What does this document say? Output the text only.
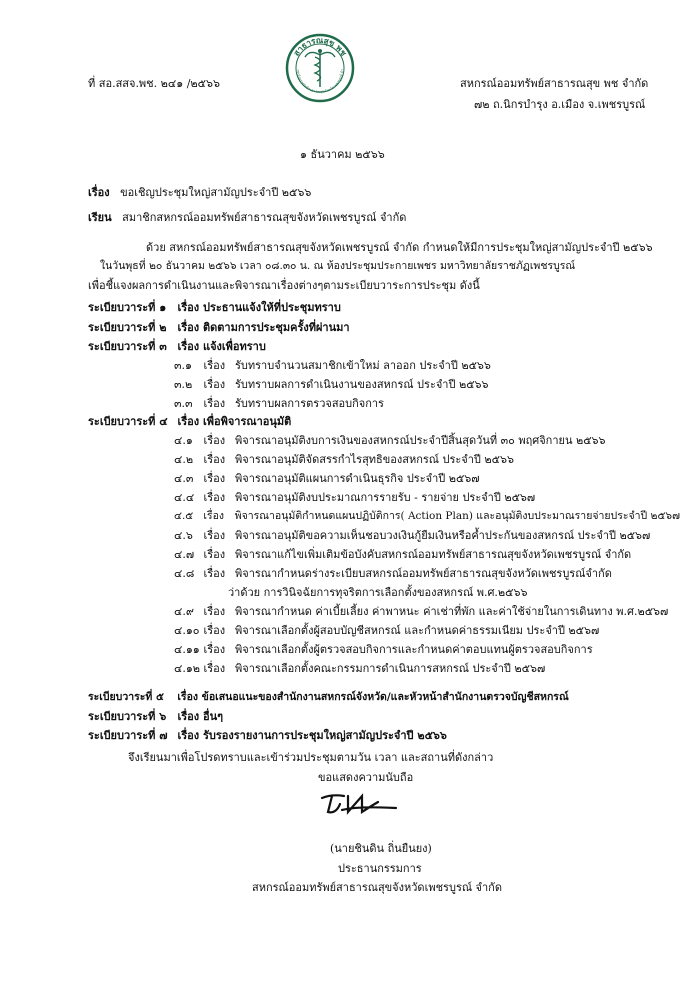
สาธารณสุข พช
กรณ์ออมทรัพย์สาธารณสุขจังหวัดเพชรบูรณ์ จำ
ที่ สอ.สสจ.พช. ๒๔๑ /๒๕๖๖	สหกรณ์ออมทรัพย์สาธารณสุข พช จำกัด
๗๒ ถ.นิกรบำรุง อ.เมือง จ.เพชรบูรณ์
๑ ธันวาคม ๒๕๖๖
เรื่อง ขอเชิญประชุมใหญ่สามัญประจำปี ๒๕๖๖
เรียน สมาชิกสหกรณ์ออมทรัพย์สาธารณสุขจังหวัดเพชรบูรณ์ จำกัด
ด้วย สหกรณ์ออมทรัพย์สาธารณสุขจังหวัดเพชรบูรณ์ จำกัด กำหนดให้มีการประชุมใหญ่สามัญประจำปี ๒๕๖๖
ในวันพุธที่ ๒๐ ธันวาคม ๒๕๖๖ เวลา ๐๘.๓๐ น. ณ ห้องประชุมประกายเพชร มหาวิทยาลัยราชภัฏเพชรบูรณ์
เพื่อชี้แจงผลการดำเนินงานและพิจารณาเรื่องต่างๆตามระเบียบวาระการประชุม ดังนี้
ระเบียบวาระที่ ๑ เรื่อง ประธานแจ้งให้ที่ประชุมทราบ
ระเบียบวาระที่ ๒ เรื่อง ติดตามการประชุมครั้งที่ผ่านมา
ระเบียบวาระที่ ๓ เรื่อง แจ้งเพื่อทราบ
๓.๑ เรื่อง รับทราบจำนวนสมาชิกเข้าใหม่ ลาออก ประจำปี ๒๕๖๖
๓.๒ เรื่อง รับทราบผลการดำเนินงานของสหกรณ์ ประจำปี ๒๕๖๖
๓.๓ เรื่อง รับทราบผลการตรวจสอบกิจการ
ระเบียบวาระที่ ๔ เรื่อง เพื่อพิจารณาอนุมัติ
๔.๑ เรื่อง พิจารณาอนุมัติงบการเงินของสหกรณ์ประจำปีสิ้นสุดวันที่ ๓๐ พฤศจิกายน ๒๕๖๖
๔.๒ เรื่อง พิจารณาอนุมัติจัดสรรกำไรสุทธิของสหกรณ์ ประจำปี ๒๕๖๖
๔.๓ เรื่อง พิจารณาอนุมัติแผนการดำเนินธุรกิจ ประจำปี ๒๕๖๗
๔.๔ เรื่อง พิจารณาอนุมัติงบประมาณการรายรับ - รายจ่าย ประจำปี ๒๕๖๗
๔.๕ เรื่อง พิจารณาอนุมัติกำหนดแผนปฏิบัติการ( Action Plan) และอนุมัติงบประมาณรายจ่ายประจำปี ๒๕๖๗
๔.๖ เรื่อง พิจารณาอนุมัติขอความเห็นชอบวงเงินกู้ยืมเงินหรือค้ำประกันของสหกรณ์ ประจำปี ๒๕๖๗
๔.๗ เรื่อง พิจารณาแก้ไขเพิ่มเติมข้อบังคับสหกรณ์ออมทรัพย์สาธารณสุขจังหวัดเพชรบูรณ์ จำกัด
๔.๘ เรื่อง พิจารณากำหนดร่างระเบียบสหกรณ์ออมทรัพย์สาธารณสุขจังหวัดเพชรบูรณ์จำกัด
ว่าด้วย การวินิจฉัยการทุจริตการเลือกตั้งของสหกรณ์ พ.ศ.๒๕๖๖
๔.๙ เรื่อง พิจารณากำหนด ค่าเบี้ยเลี้ยง ค่าพาหนะ ค่าเช่าที่พัก และค่าใช้จ่ายในการเดินทาง พ.ศ.๒๕๖๗
๔.๑๐ เรื่อง พิจารณาเลือกตั้งผู้สอบบัญชีสหกรณ์ และกำหนดค่าธรรมเนียม ประจำปี ๒๕๖๗
๔.๑๑ เรื่อง พิจารณาเลือกตั้งผู้ตรวจสอบกิจการและกำหนดค่าตอบแทนผู้ตรวจสอบกิจการ
๔.๑๒ เรื่อง พิจารณาเลือกตั้งคณะกรรมการดำเนินการสหกรณ์ ประจำปี ๒๕๖๗
ระเบียบวาระที่ ๕ เรื่อง ข้อเสนอแนะของสำนักงานสหกรณ์จังหวัด/และหัวหน้าสำนักงานตรวจบัญชีสหกรณ์
ระเบียบวาระที่ ๖ เรื่อง อื่นๆ
ระเบียบวาระที่ ๗ เรื่อง รับรองรายงานการประชุมใหญ่สามัญประจำปี ๒๕๖๖
จึงเรียนมาเพื่อโปรดทราบและเข้าร่วมประชุมตามวัน เวลา และสถานที่ดังกล่าว
ขอแสดงความนับถือ
(นายชินดิน ถิ่นยืนยง)
ประธานกรรมการ
สหกรณ์ออมทรัพย์สาธารณสุขจังหวัดเพชรบูรณ์ จำกัด
